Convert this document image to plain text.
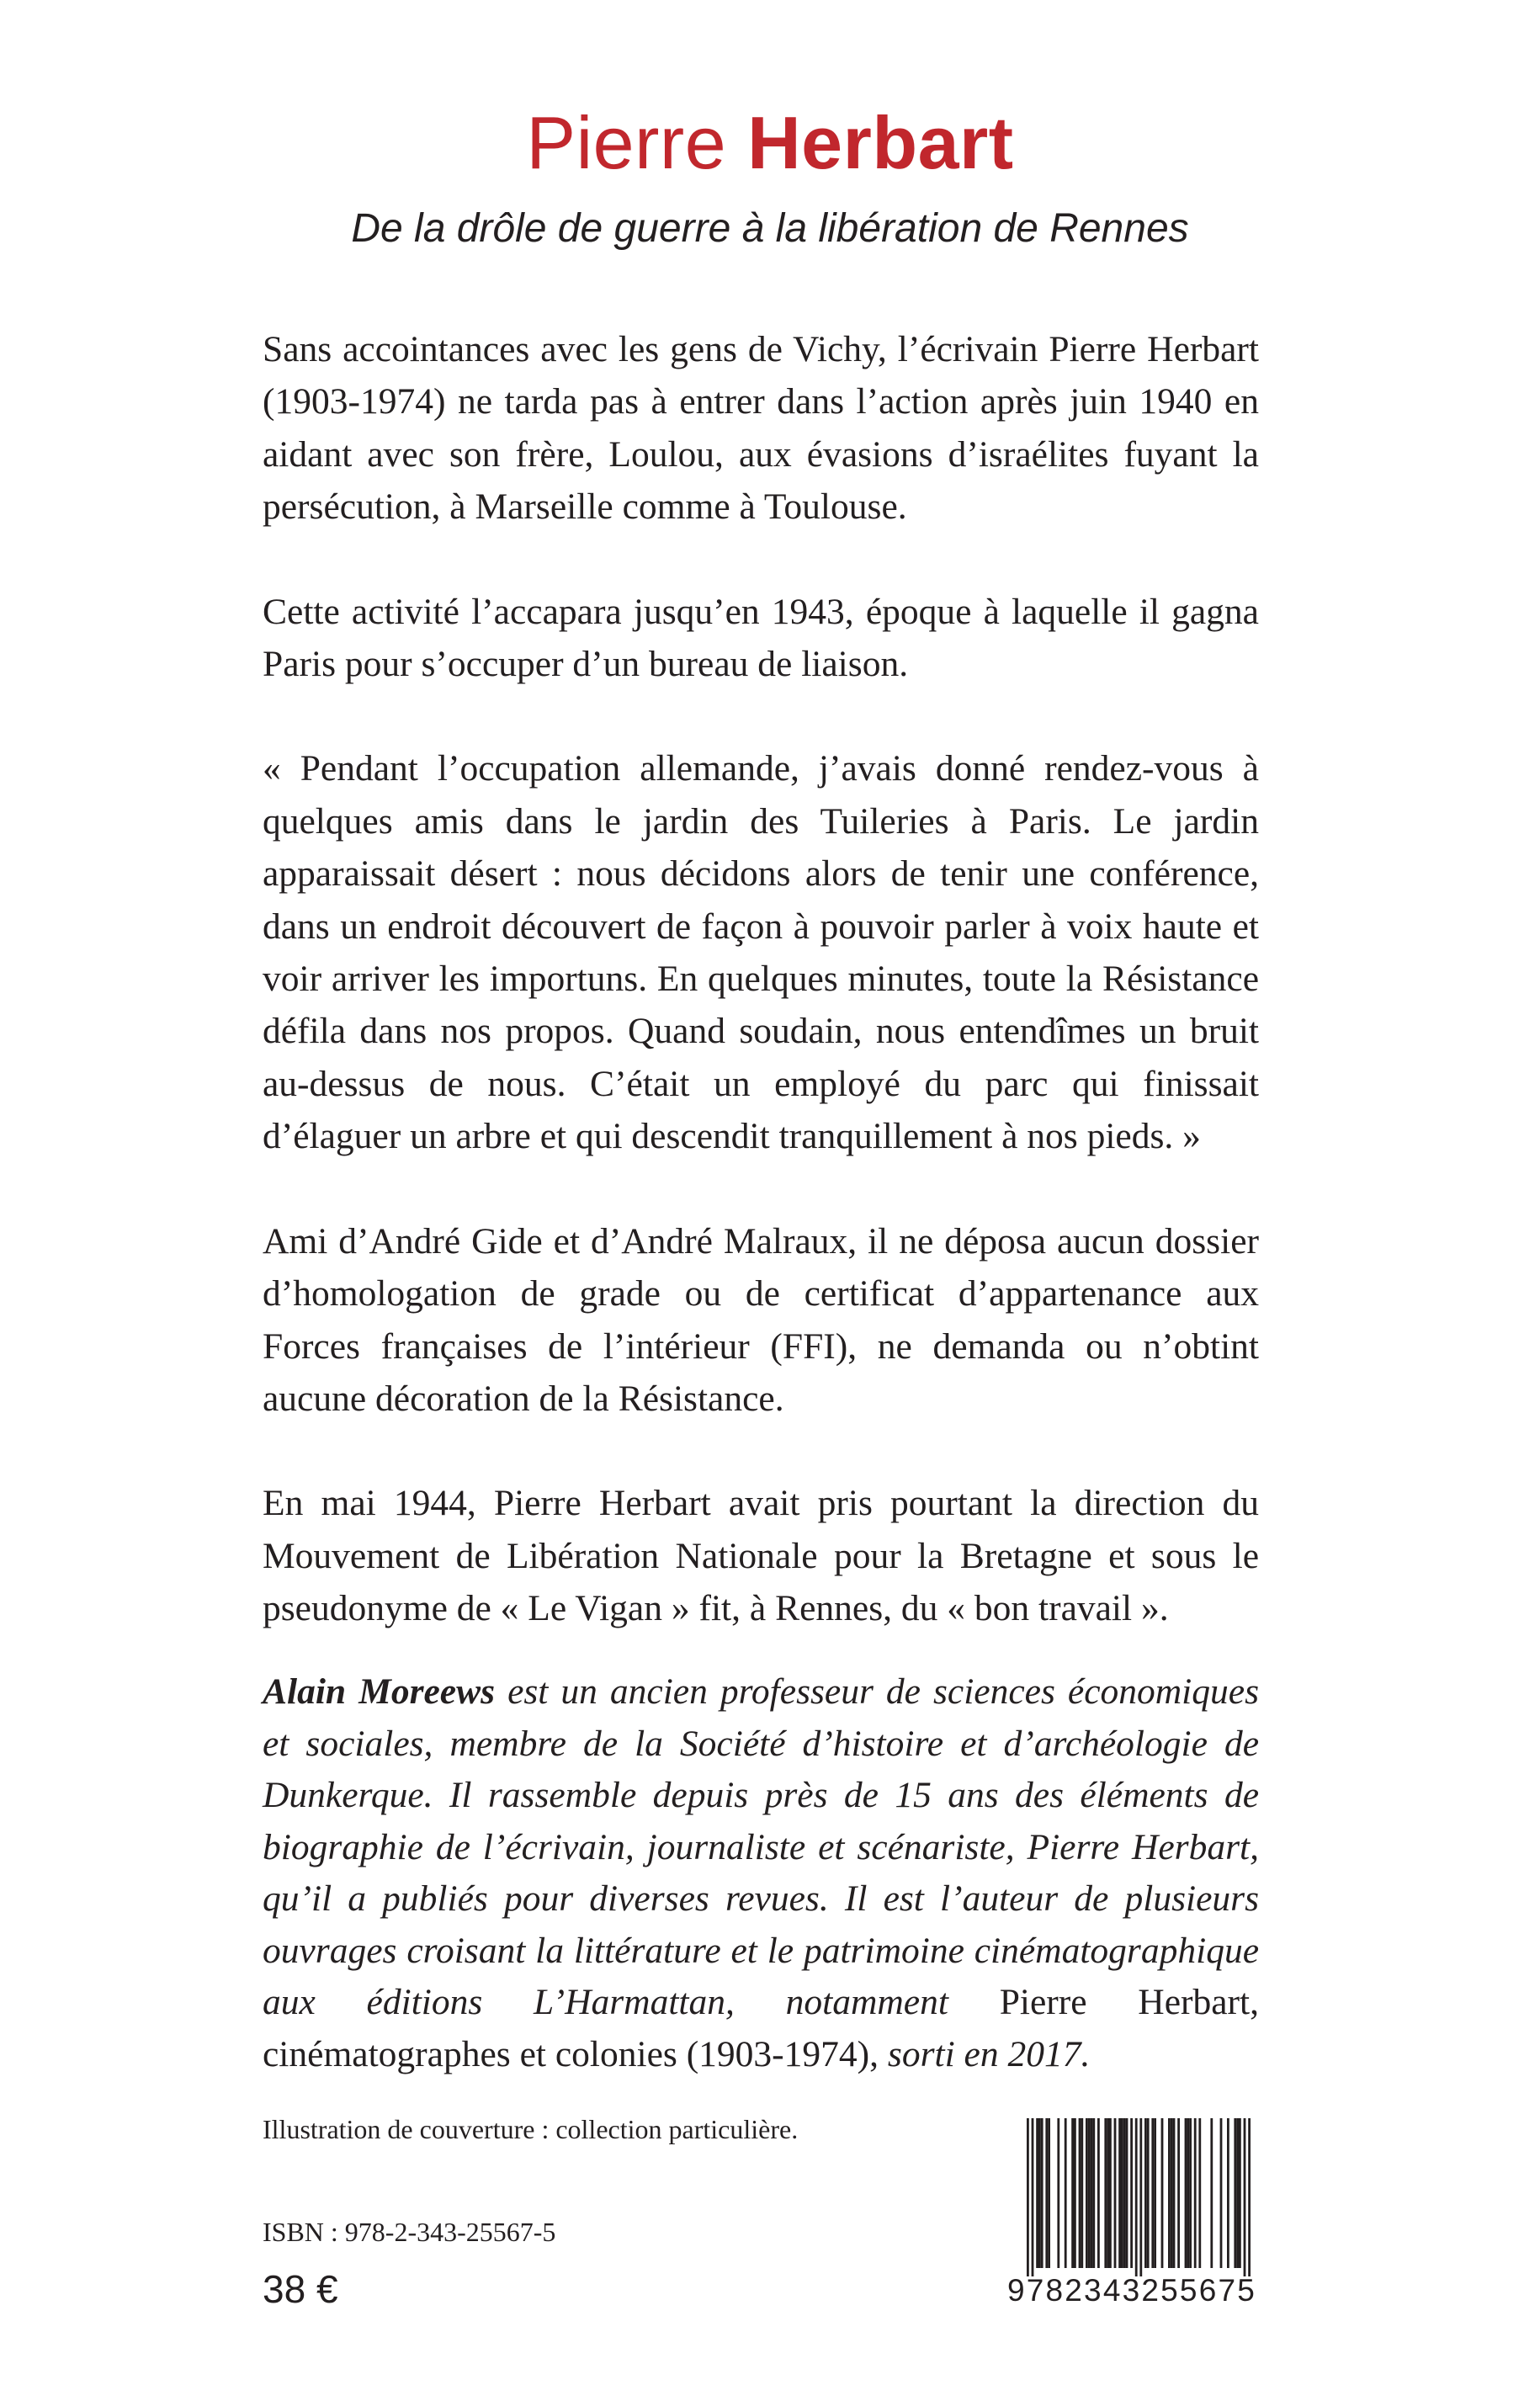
Pierre Herbart
De la drôle de guerre à la libération de Rennes

Sans accointances avec les gens de Vichy, l’écrivain Pierre Herbart (1903-1974) ne tarda pas à entrer dans l’action après juin 1940 en aidant avec son frère, Loulou, aux évasions d’israélites fuyant la persécution, à Marseille comme à Toulouse.

Cette activité l’accapara jusqu’en 1943, époque à laquelle il gagna Paris pour s’occuper d’un bureau de liaison.

« Pendant l’occupation allemande, j’avais donné rendez-vous à quelques amis dans le jardin des Tuileries à Paris. Le jardin apparaissait désert : nous décidons alors de tenir une conférence, dans un endroit découvert de façon à pouvoir parler à voix haute et voir arriver les importuns. En quelques minutes, toute la Résistance défila dans nos propos. Quand soudain, nous entendîmes un bruit au-dessus de nous. C’était un employé du parc qui finissait d’élaguer un arbre et qui descendit tranquillement à nos pieds. »

Ami d’André Gide et d’André Malraux, il ne déposa aucun dossier d’homologation de grade ou de certificat d’appartenance aux Forces françaises de l’intérieur (FFI), ne demanda ou n’obtint aucune décoration de la Résistance.

En mai 1944, Pierre Herbart avait pris pourtant la direction du Mouvement de Libération Nationale pour la Bretagne et sous le pseudonyme de « Le Vigan » fit, à Rennes, du « bon travail ».

Alain Moreews est un ancien professeur de sciences économiques et sociales, membre de la Société d’histoire et d’archéologie de Dunkerque. Il rassemble depuis près de 15 ans des éléments de biographie de l’écrivain, journaliste et scénariste, Pierre Herbart, qu’il a publiés pour diverses revues. Il est l’auteur de plusieurs ouvrages croisant la littérature et le patrimoine cinématographique aux éditions L’Harmattan, notamment Pierre Herbart, cinématographes et colonies (1903-1974), sorti en 2017.

Illustration de couverture : collection particulière.
ISBN : 978-2-343-25567-5
38 €	9782343255675
